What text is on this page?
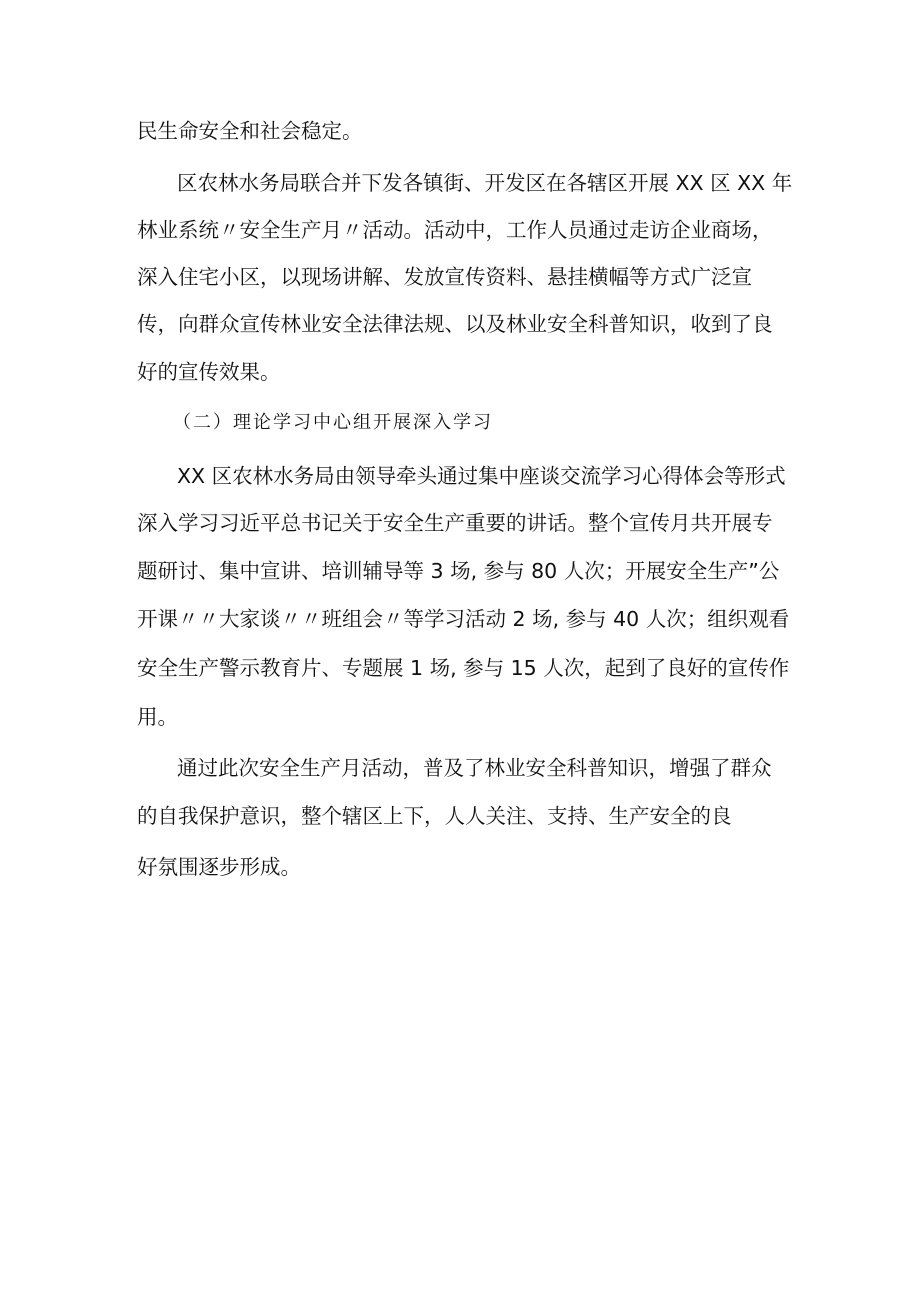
民生命安全和社会稳定。
区农林水务局联合并下发各镇街、开发区在各辖区开展 XX 区 XX 年
林业系统〃安全生产月〃活动。活动中，工作人员通过走访企业商场，
深入住宅小区，以现场讲解、发放宣传资料、悬挂横幅等方式广泛宣
传，向群众宣传林业安全法律法规、以及林业安全科普知识，收到了良
好的宣传效果。
（二）理论学习中心组开展深入学习
XX 区农林水务局由领导牵头通过集中座谈交流学习心得体会等形式
深入学习习近平总书记关于安全生产重要的讲话。整个宣传月共开展专
题研讨、集中宣讲、培训辅导等 3 场, 参与 80 人次；开展安全生产”公
开课〃〃大家谈〃〃班组会〃等学习活动 2 场, 参与 40 人次；组织观看
安全生产警示教育片、专题展 1 场, 参与 15 人次，起到了良好的宣传作
用。
通过此次安全生产月活动，普及了林业安全科普知识，增强了群众
的自我保护意识，整个辖区上下，人人关注、支持、生产安全的良
好氛围逐步形成。
